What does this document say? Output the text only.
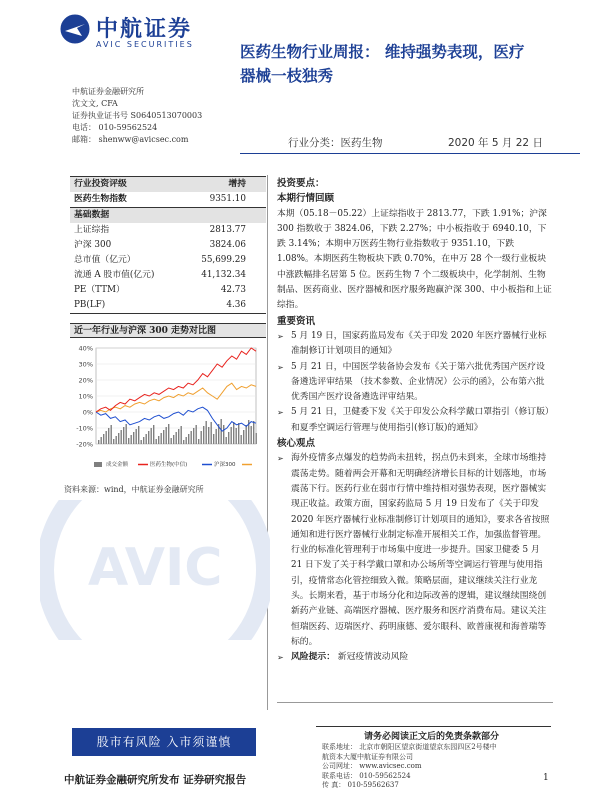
中航证券
AVIC SECURITIES	医药生物行业周报： 维持强势表现，医疗
器械一枝独秀
中航证券金融研究所
沈文文, CFA
证券执业证书号 S0640513070003
电话： 010-59562524
邮箱： shenww@avicsec.com	行业分类：医药生物	2020 年 5 月 22 日
行业投资评级	增持
医药生物指数	9351.10
基础数据
上证综指	2813.77
沪深 300	3824.06
总市值（亿元）	55,699.29
流通 A 股市值(亿元)	41,132.34
PE（TTM）	42.73
PB(LF)	4.36
近一年行业与沪深 300 走势对比图
40%
30%
20%
10%
0%
-10%
-20%
成交金额	医药生物(中信)	沪深300
资料来源：wind，中航证券金融研究所
AVIC
投资要点：
本期行情回顾
本期（05.18－05.22）上证综指收于 2813.77，下跌 1.91%；沪深 300 指数收于 3824.06，下跌 2.27%；中小板指收于 6940.10，下跌 3.14%；本期申万医药生物行业指数收于 9351.10，下跌 1.08%。本期医药生物板块下跌 0.70%，在申万 28 个一级行业板块中涨跌幅排名居第 5 位。医药生物 7 个二级板块中，化学制剂、生物制品、医药商业、医疗器械和医疗服务跑赢沪深 300、中小板指和上证综指。
重要资讯
➢ 5 月 19 日，国家药监局发布《关于印发 2020 年医疗器械行业标准制修订计划项目的通知》
➢ 5 月 21 日，中国医学装备协会发布《关于第六批优秀国产医疗设备遴选评审结果 （技术参数、企业情况）公示的函》，公布第六批优秀国产医疗设备遴选评审结果。
➢ 5 月 21 日，卫健委下发《关于印发公众科学戴口罩指引（修订版）和夏季空调运行管理与使用指引(修订版)的通知》
核心观点
➢ 海外疫情多点爆发的趋势尚未扭转，拐点仍未到来，全球市场维持震荡走势。随着两会开幕和无明确经济增长目标的计划落地，市场震荡下行。医药行业在弱市行情中维持相对强势表现，医疗器械实现正收益。政策方面，国家药监局 5 月 19 日发布了《关于印发 2020 年医疗器械行业标准制修订计划项目的通知》，要求各省按照通知和进行医疗器械行业制定标准开展相关工作，加强监督管理。行业的标准化管理利于市场集中度进一步提升。国家卫健委 5 月 21 日下发了关于科学戴口罩和办公场所等空调运行管理与使用指引，疫情常态化管控细致入微。策略层面，建议继续关注行业龙头。长期来看，基于市场分化和边际改善的逻辑，建议继续围绕创新药产业链、高端医疗器械、医疗服务和医疗消费布局。建议关注恒瑞医药、迈瑞医疗、药明康德、爱尔眼科、欧普康视和海普瑞等标的。
➢ 风险提示： 新冠疫情波动风险
股市有风险 入市须谨慎	请务必阅读正文后的免责条款部分
联系地址： 北京市朝阳区望京街道望京东园四区2号楼中
航资本大厦中航证券有限公司
公司网址： www.avicsec.com
联系电话： 010-59562524
传 真： 010-59562637
中航证券金融研究所发布 证券研究报告	1
